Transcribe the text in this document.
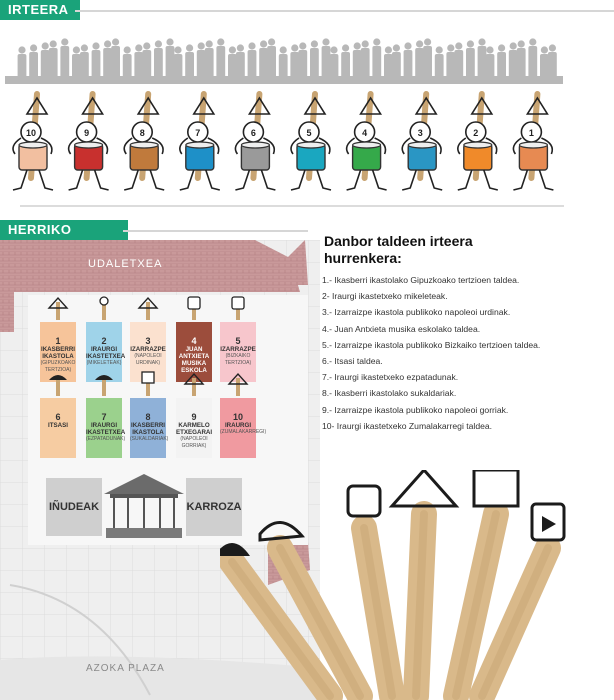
IRTEERA
10	9	8	7	6	5	4	3	2	1
HERRIKO
UDALETXEA
AZOKA PLAZA
1
IKASBERRI IKASTOLA
(GIPUZKOAKO TERTZIOA)
2
IRAURGI IKASTETXEA
(MIKELETEAK)
3
IZARRAZPE
(NAPOLEOI URDINAK)
4
JUAN ANTXIETA MUSIKA ESKOLA
5
IZARRAZPE
(BIZKAIKO TERTZIOA)
6
ITSASI
7
IRAURGI IKASTETXEA
(EZPATADUNAK)
8
IKASBERRI IKASTOLA
(SUKALDARIAK)
9
KARMELO ETXEGARAI
(NAPOLEOI GORRIAK)
10
IRAURGI
(ZUMALAKARREGI)
IÑUDEAK	KARROZA
Danbor taldeen irteera
hurrenkera:
1.- Ikasberri ikastolako Gipuzkoako tertzioen taldea.
2- Iraurgi ikastetxeko mikeleteak.
3.- Izarraizpe ikastola publikoko napoleoi urdinak.
4.- Juan Antxieta musika eskolako taldea.
5.- Izarraizpe ikastola publikoko Bizkaiko tertzioen taldea.
6.- Itsasi taldea.
7.- Iraurgi ikastetxeko ezpatadunak.
8.- Ikasberri ikastolako sukaldariak.
9.- Izarraizpe ikastola publikoko napoleoi gorriak.
10- Iraurgi ikastetxeko Zumalakarregi taldea.
